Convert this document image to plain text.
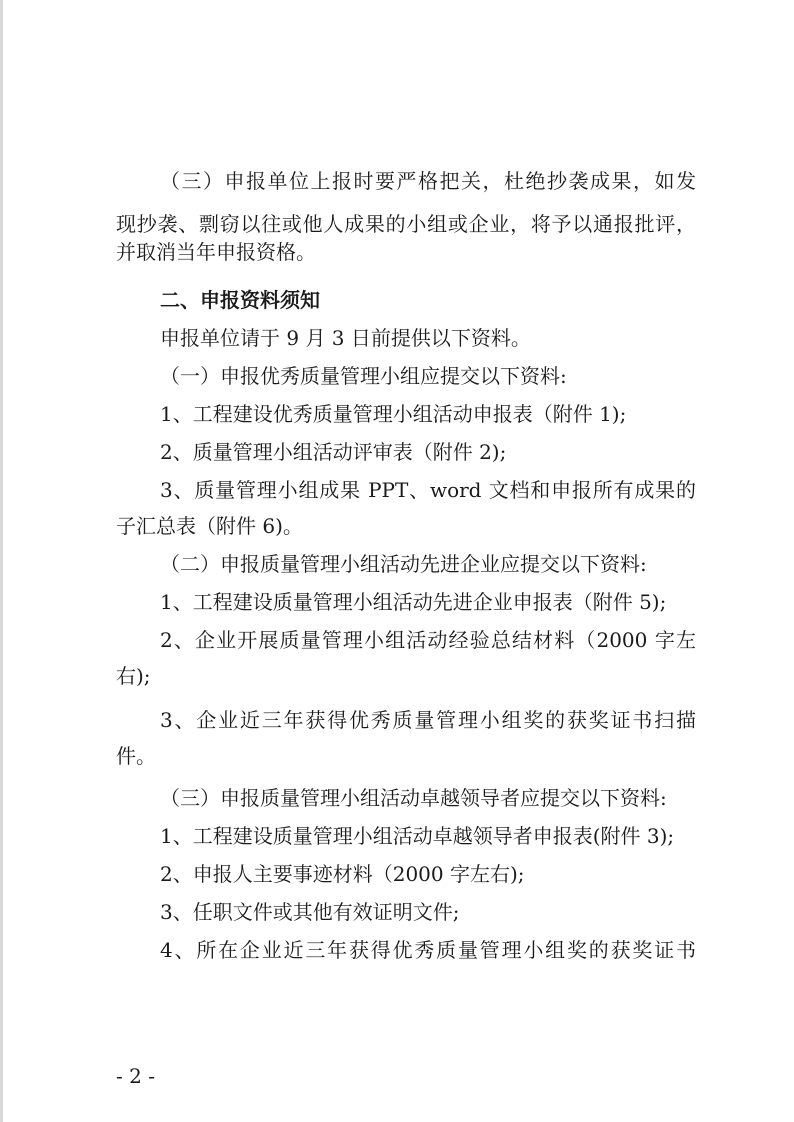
（三）申报单位上报时要严格把关，杜绝抄袭成果，如发
现抄袭、剽窃以往或他人成果的小组或企业，将予以通报批评，
并取消当年申报资格。
二、申报资料须知
申报单位请于 9 月 3 日前提供以下资料。
（一）申报优秀质量管理小组应提交以下资料:
1、工程建设优秀质量管理小组活动申报表（附件 1);
2、质量管理小组活动评审表（附件 2);
3、质量管理小组成果 PPT、word 文档和申报所有成果的
子汇总表（附件 6)。
（二）申报质量管理小组活动先进企业应提交以下资料:
1、工程建设质量管理小组活动先进企业申报表（附件 5);
2、企业开展质量管理小组活动经验总结材料（2000 字左
右);
3、企业近三年获得优秀质量管理小组奖的获奖证书扫描
件。
（三）申报质量管理小组活动卓越领导者应提交以下资料:
1、工程建设质量管理小组活动卓越领导者申报表(附件 3);
2、申报人主要事迹材料（2000 字左右);
3、任职文件或其他有效证明文件;
4、所在企业近三年获得优秀质量管理小组奖的获奖证书
- 2 -
